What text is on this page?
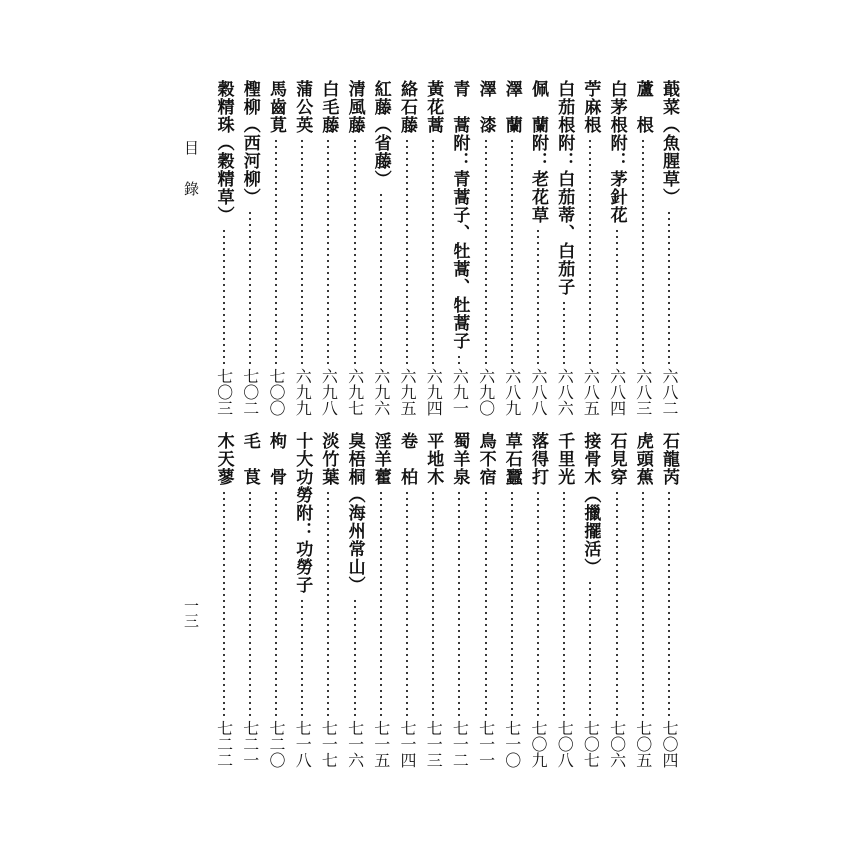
目錄
一三
蕺菜（魚腥草）
六八二
蘆　根
六八三
白茅根附：茅針花
六八四
苧麻根
六八五
白茄根附：白茄蒂、白茄子
六八六
佩　蘭附：老花草
六八八
澤　蘭
六八九
澤　漆
六九〇
青　蒿附：青蒿子、牡蒿、牡蒿子
六九一
黃花蒿
六九四
絡石藤
六九五
紅藤（省藤）
六九六
清風藤
六九七
白毛藤
六九八
蒲公英
六九九
馬齒莧
七〇〇
檉柳（西河柳）
七〇二
穀精珠（穀精草）
七〇三
石龍芮
七〇四
虎頭蕉
七〇五
石見穿
七〇六
接骨木（擸擺活）
七〇七
千里光
七〇八
落得打
七〇九
草石蠶
七一〇
鳥不宿
七一一
蜀羊泉
七一二
平地木
七一三
卷　柏
七一四
淫羊藿
七一五
臭梧桐（海州常山）
七一六
淡竹葉
七一七
十大功勞附：功勞子
七一八
枸　骨
七二〇
毛　茛
七二一
木天蓼
七二二
